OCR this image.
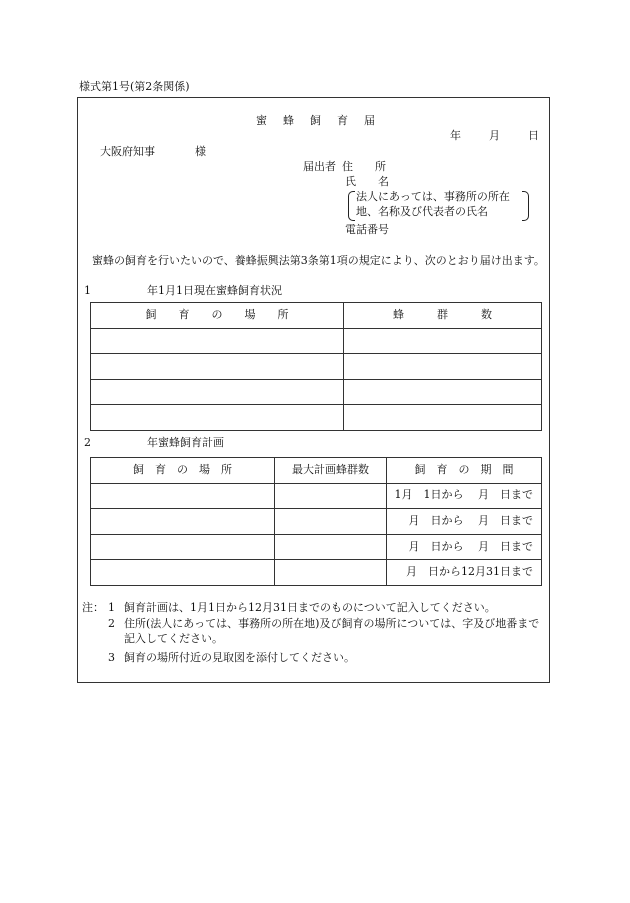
様式第1号(第2条関係)
蜜 蜂 飼 育 届
年	月	日
大阪府知事	様
届出者 住 所
氏 名
法人にあっては、事務所の所在
地、名称及び代表者の氏名
電話番号
蜜蜂の飼育を行いたいので、養蜂振興法第3条第1項の規定により、次のとおり届け出ます。
1	年1月1日現在蜜蜂飼育状況
飼　　育　　の　　場　　所	蜂　　　群　　　数

2	年蜜蜂飼育計画
飼　育　の　場　所	最大計画蜂群数	飼　育　の　期　間
		1月　1日から　 月　日まで
		月　日から　 月　日まで
		月　日から　 月　日まで
		月　日から12月31日まで
注： 1 飼育計画は、1月1日から12月31日までのものについて記入してください。
2 住所(法人にあっては、事務所の所在地)及び飼育の場所については、字及び地番まで記入してください。
3 飼育の場所付近の見取図を添付してください。
